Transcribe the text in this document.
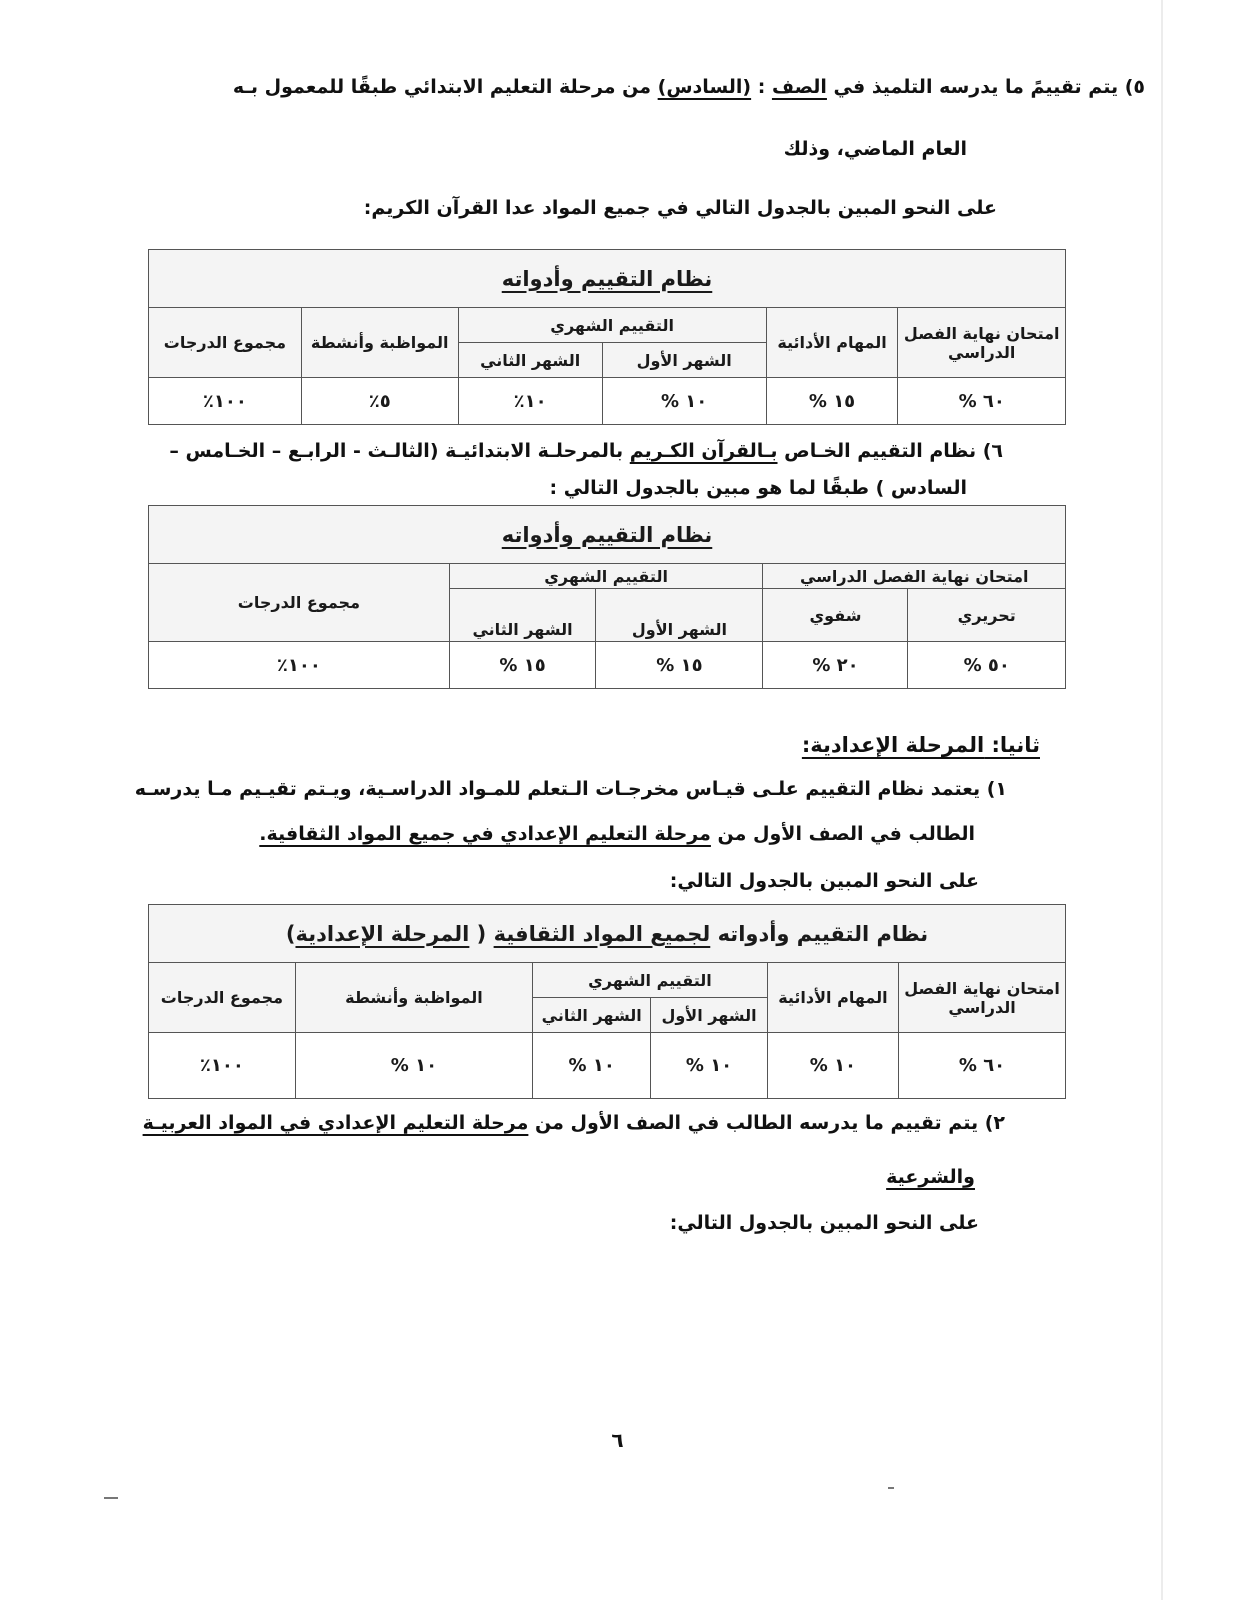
٥) يتم تقييمً ما يدرسه التلميذ في الصف : (السادس) من مرحلة التعليم الابتدائي طبقًا للمعمول بـه
العام الماضي، وذلك
على النحو المبين بالجدول التالي في جميع المواد عدا القرآن الكريم:
نظام التقييم وأدواته					
امتحان نهاية الفصل الدراسي	المهام الأدائية	التقييم الشهري		المواظبة وأنشطة	مجموع الدرجات
		الشهر الأول	الشهر الثاني		
٦٠ %	١٥ %	١٠ %	١٠٪	٥٪	١٠٠٪
٦) نظام التقييم الخـاص بـالقرآن الكـريم بالمرحلـة الابتدائيـة (الثالـث - الرابـع – الخـامس –
السادس ) طبقًا لما هو مبين بالجدول التالي :
نظام التقييم وأدواته				
امتحان نهاية الفصل الدراسي		التقييم الشهري		مجموع الدرجات
تحريري	شفوي	الشهر الأول	الشهر الثاني	
٥٠ %	٢٠ %	١٥ %	١٥ %	١٠٠٪
ثانيا: المرحلة الإعدادية:
١) يعتمد نظام التقييم علـى قيـاس مخرجـات الـتعلم للمـواد الدراسـية، ويـتم تقيـيم مـا يدرسـه
الطالب في الصف الأول من مرحلة التعليم الإعدادي في جميع المواد الثقافية.
على النحو المبين بالجدول التالي:
نظام التقييم وأدواته لجميع المواد الثقافية ( المرحلة الإعدادية)					
امتحان نهاية الفصل الدراسي	المهام الأدائية	التقييم الشهري		المواظبة وأنشطة	مجموع الدرجات
		الشهر الأول	الشهر الثاني		
٦٠ %	١٠ %	١٠ %	١٠ %	١٠ %	١٠٠٪
٢) يتم تقييم ما يدرسه الطالب في الصف الأول من مرحلة التعليم الإعدادي في المواد العربيـة
والشرعية
على النحو المبين بالجدول التالي:
٦
